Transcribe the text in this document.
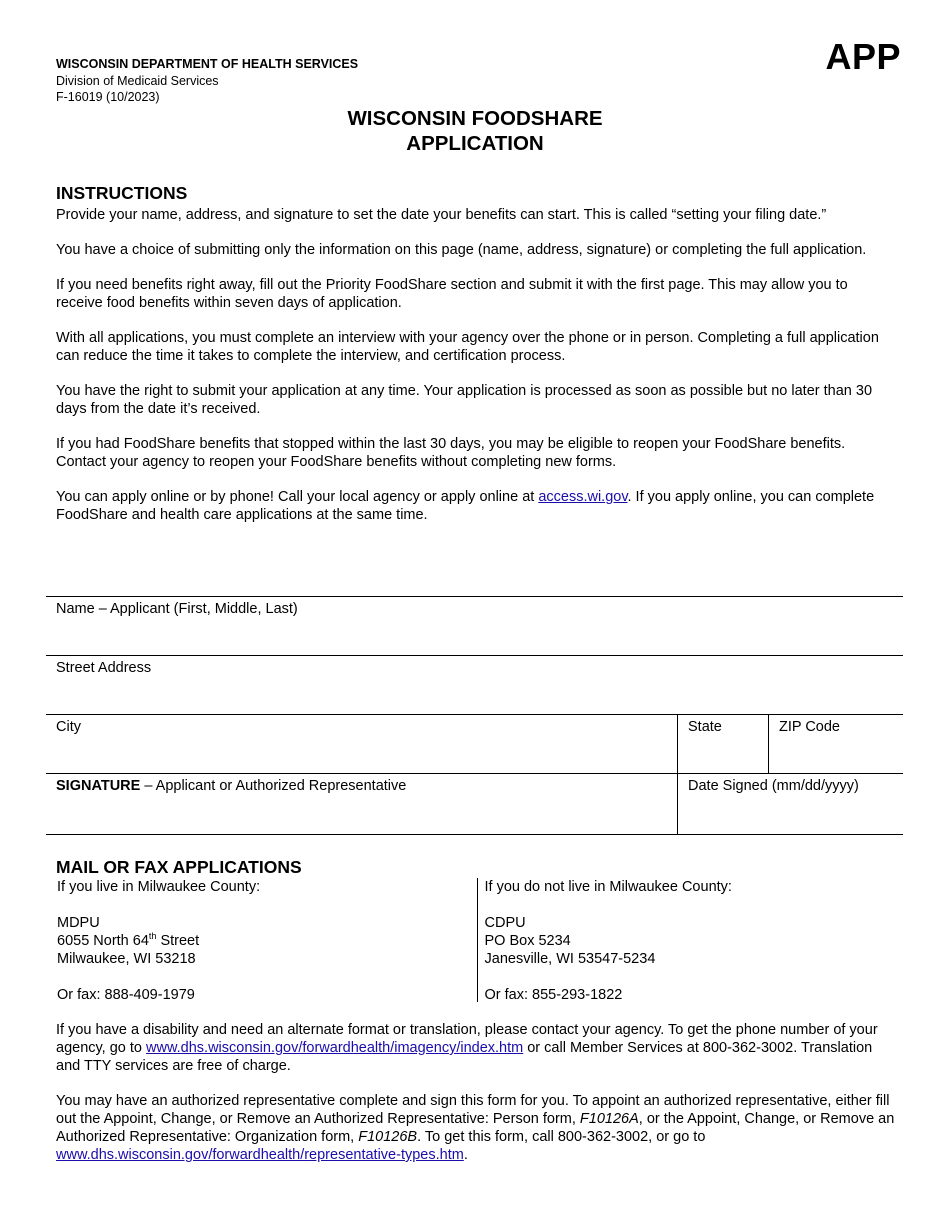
WISCONSIN DEPARTMENT OF HEALTH SERVICES
Division of Medicaid Services
F-16019 (10/2023)
APP
WISCONSIN FOODSHARE
APPLICATION
INSTRUCTIONS

Provide your name, address, and signature to set the date your benefits can start. This is called “setting your filing date.”

You have a choice of submitting only the information on this page (name, address, signature) or completing the full application.

If you need benefits right away, fill out the Priority FoodShare section and submit it with the first page. This may allow you to receive food benefits within seven days of application.

With all applications, you must complete an interview with your agency over the phone or in person. Completing a full application can reduce the time it takes to complete the interview, and certification process.

You have the right to submit your application at any time. Your application is processed as soon as possible but no later than 30 days from the date it’s received.

If you had FoodShare benefits that stopped within the last 30 days, you may be eligible to reopen your FoodShare benefits. Contact your agency to reopen your FoodShare benefits without completing new forms.

You can apply online or by phone! Call your local agency or apply online at access.wi.gov. If you apply online, you can complete FoodShare and health care applications at the same time.

Name – Applicant (First, Middle, Last)
Street Address
City	State	ZIP Code
SIGNATURE – Applicant or Authorized Representative	Date Signed (mm/dd/yyyy)
MAIL OR FAX APPLICATIONS
If you live in Milwaukee County:
MDPU
6055 North 64th Street
Milwaukee, WI 53218
Or fax: 888-409-1979
If you do not live in Milwaukee County:
CDPU
PO Box 5234
Janesville, WI 53547-5234
Or fax: 855-293-1822

If you have a disability and need an alternate format or translation, please contact your agency. To get the phone number of your agency, go to www.dhs.wisconsin.gov/forwardhealth/imagency/index.htm or call Member Services at 800-362-3002. Translation and TTY services are free of charge.

You may have an authorized representative complete and sign this form for you. To appoint an authorized representative, either fill out the Appoint, Change, or Remove an Authorized Representative: Person form, F10126A, or the Appoint, Change, or Remove an Authorized Representative: Organization form, F10126B. To get this form, call 800-362-3002, or go to www.dhs.wisconsin.gov/forwardhealth/representative-types.htm.
